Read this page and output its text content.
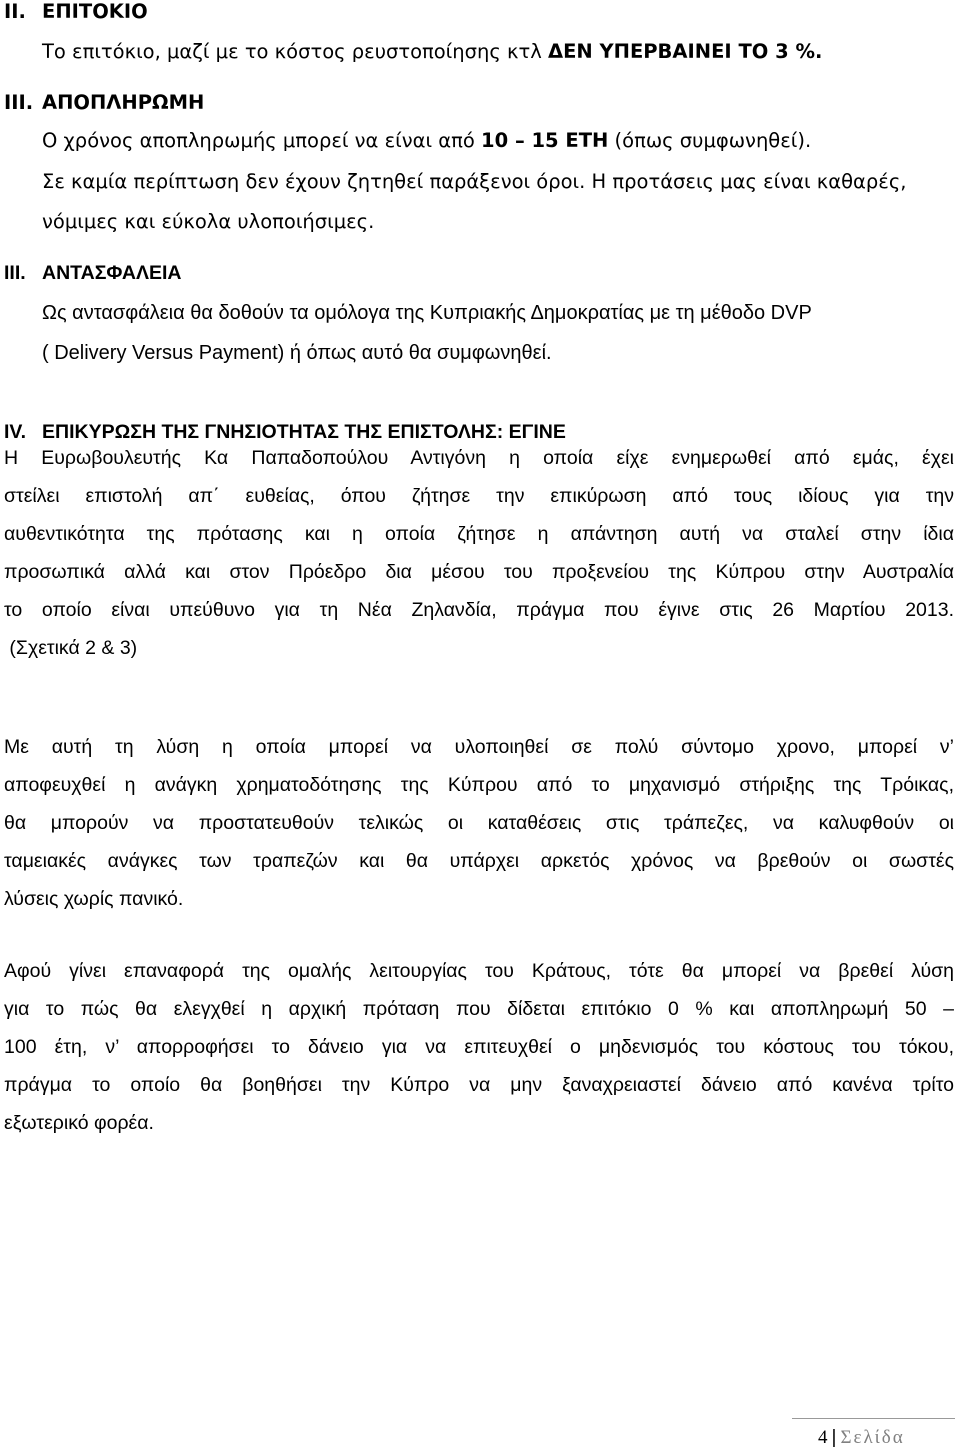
II. ΕΠΙΤΟΚΙΟ
Το επιτόκιο, μαζί με το κόστος ρευστοποίησης κτλ ΔΕΝ ΥΠΕΡΒΑΙΝΕΙ ΤΟ 3 %.
III. ΑΠΟΠΛΗΡΩΜΗ
Ο χρόνος αποπληρωμής μπορεί να είναι από 10 – 15 ΕΤΗ (όπως συμφωνηθεί).
Σε καμία περίπτωση δεν έχουν ζητηθεί παράξενοι όροι. Η προτάσεις μας είναι καθαρές,
νόμιμες και εύκολα υλοποιήσιμες.
III. ΑΝΤΑΣΦΑΛΕΙΑ
Ως αντασφάλεια θα δοθούν τα ομόλογα της Κυπριακής Δημοκρατίας με τη μέθοδο DVP
( Delivery Versus Payment) ή όπως αυτό θα συμφωνηθεί.
IV. ΕΠΙΚΥΡΩΣΗ ΤΗΣ ΓΝΗΣΙΟΤΗΤΑΣ ΤΗΣ ΕΠΙΣΤΟΛΗΣ: ΕΓΙΝΕ
Η Ευρωβουλευτής Κα Παπαδοπούλου Αντιγόνη η οποία είχε ενημερωθεί από εμάς, έχει
στείλει επιστολή απ΄ ευθείας, όπου ζήτησε την επικύρωση από τους ιδίους για την
αυθεντικότητα της πρότασης και η οποία ζήτησε η απάντηση αυτή να σταλεί στην ίδια
προσωπικά αλλά και στον Πρόεδρο δια μέσου του προξενείου της Κύπρου στην Αυστραλία
το οποίο είναι υπεύθυνο για τη Νέα Ζηλανδία, πράγμα που έγινε στις 26 Μαρτίου 2013.
(Σχετικά 2 & 3)
Με αυτή τη λύση η οποία μπορεί να υλοποιηθεί σε πολύ σύντομο χρονο, μπορεί ν’
αποφευχθεί η ανάγκη χρηματοδότησης της Κύπρου από το μηχανισμό στήριξης της Τρόικας,
θα μπορούν να προστατευθούν τελικώς οι καταθέσεις στις τράπεζες, να καλυφθούν οι
ταμειακές ανάγκες των τραπεζών και θα υπάρχει αρκετός χρόνος να βρεθούν οι σωστές
λύσεις χωρίς πανικό.
Αφού γίνει επαναφορά της ομαλής λειτουργίας του Κράτους, τότε θα μπορεί να βρεθεί λύση
για το πώς θα ελεγχθεί η αρχική πρόταση που δίδεται επιτόκιο 0 % και αποπληρωμή 50 –
100 έτη, ν’ απορροφήσει το δάνειο για να επιτευχθεί ο μηδενισμός του κόστους του τόκου,
πράγμα το οποίο θα βοηθήσει την Κύπρο να μην ξαναχρειαστεί δάνειο από κανένα τρίτο
εξωτερικό φορέα.
4 | Σελίδα
